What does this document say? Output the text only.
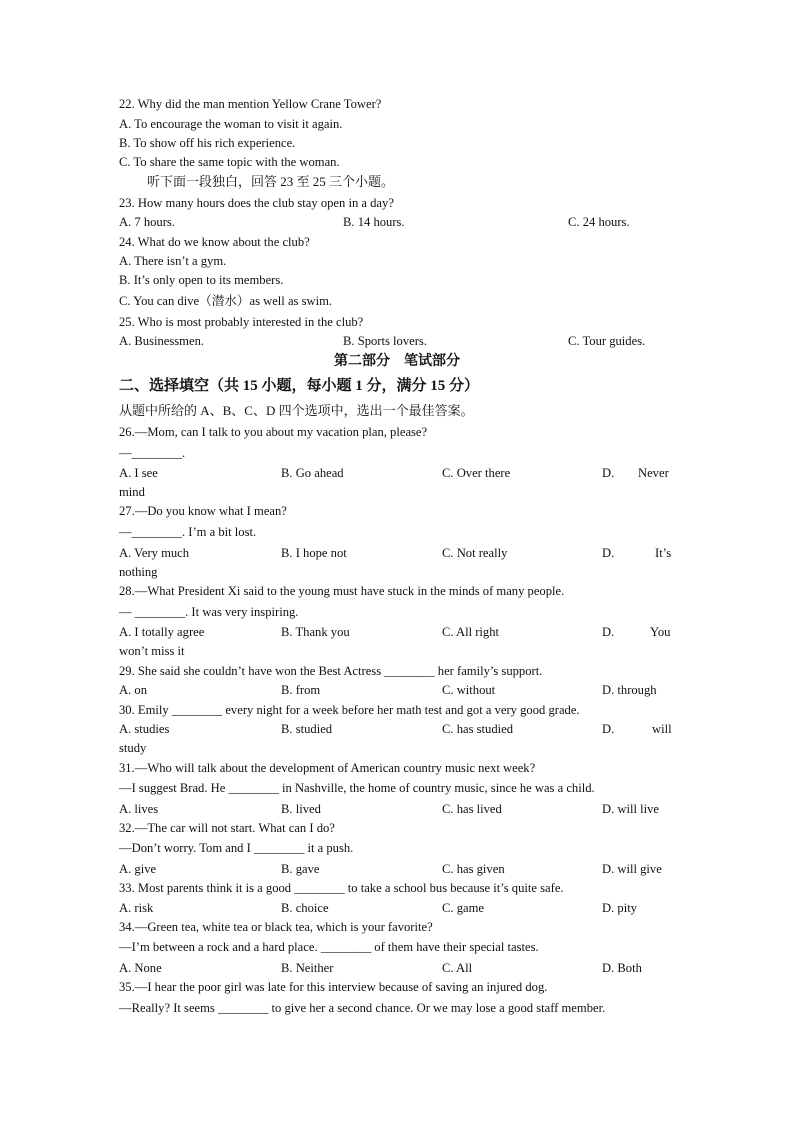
22. Why did the man mention Yellow Crane Tower?
A. To encourage the woman to visit it again.
B. To show off his rich experience.
C. To share the same topic with the woman.
听下面一段独白，回答 23 至 25 三个小题。
23. How many hours does the club stay open in a day?
A. 7 hours.	B. 14 hours.	C. 24 hours.
24. What do we know about the club?
A. There isn’t a gym.
B. It’s only open to its members.
C. You can dive（潜水）as well as swim.
25. Who is most probably interested in the club?
A. Businessmen.	B. Sports lovers.	C. Tour guides.
第二部分　笔试部分
二、选择填空（共 15 小题，每小题 1 分，满分 15 分）
从题中所给的 A、B、C、D 四个选项中，选出一个最佳答案。
26.—Mom, can I talk to you about my vacation plan, please?
—________.
A. I see	B. Go ahead	C. Over there	D. Never
mind
27.—Do you know what I mean?
—________. I’m a bit lost.
A. Very much	B. I hope not	C. Not really	D.	It’s
nothing
28.—What President Xi said to the young must have stuck in the minds of many people.
— ________. It was very inspiring.
A. I totally agree	B. Thank you	C. All right	D.	You
won’t miss it
29. She said she couldn’t have won the Best Actress ________ her family’s support.
A. on	B. from	C. without	D. through
30. Emily ________ every night for a week before her math test and got a very good grade.
A. studies	B. studied	C. has studied	D.	will
study
31.—Who will talk about the development of American country music next week?
—I suggest Brad. He ________ in Nashville, the home of country music, since he was a child.
A. lives	B. lived	C. has lived	D. will live
32.—The car will not start. What can I do?
—Don’t worry. Tom and I ________ it a push.
A. give	B. gave	C. has given	D. will give
33. Most parents think it is a good ________ to take a school bus because it’s quite safe.
A. risk	B. choice	C. game	D. pity
34.—Green tea, white tea or black tea, which is your favorite?
—I’m between a rock and a hard place. ________ of them have their special tastes.
A. None	B. Neither	C. All	D. Both
35.—I hear the poor girl was late for this interview because of saving an injured dog.
—Really? It seems ________ to give her a second chance. Or we may lose a good staff member.
